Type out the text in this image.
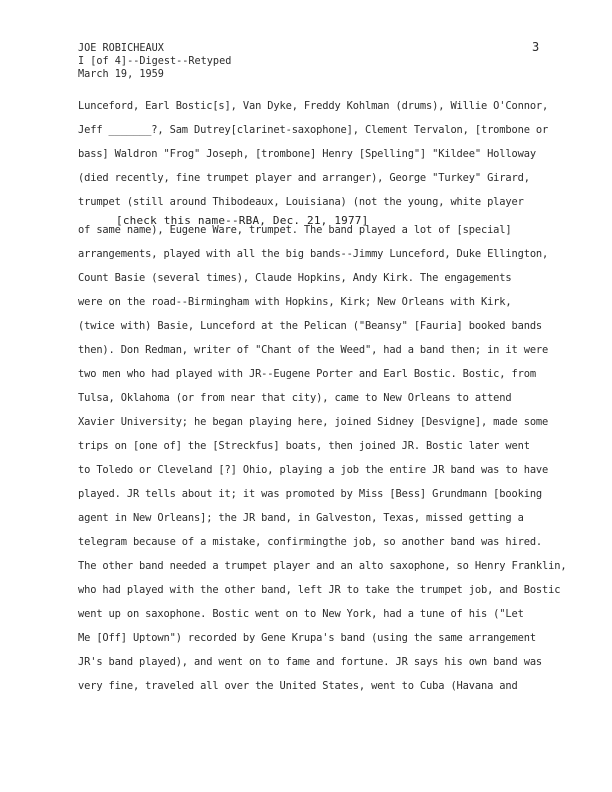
JOE ROBICHEAUX
I [of 4]--Digest--Retyped
March 19, 1959
3
[check this name--RBA, Dec. 21, 1977]
Lunceford, Earl Bostic[s], Van Dyke, Freddy Kohlman (drums), Willie O'Connor,
Jeff _______?, Sam Dutrey[clarinet-saxophone], Clement Tervalon, [trombone or
bass] Waldron "Frog" Joseph, [trombone] Henry [Spelling"] "Kildee" Holloway
(died recently, fine trumpet player and arranger), George "Turkey" Girard,
trumpet (still around Thibodeaux, Louisiana) (not the young, white player
of same name), Eugene Ware, trumpet. The band played a lot of [special]
arrangements, played with all the big bands--Jimmy Lunceford, Duke Ellington,
Count Basie (several times), Claude Hopkins, Andy Kirk. The engagements
were on the road--Birmingham with Hopkins, Kirk; New Orleans with Kirk,
(twice with) Basie, Lunceford at the Pelican ("Beansy" [Fauria] booked bands
then). Don Redman, writer of "Chant of the Weed", had a band then; in it were
two men who had played with JR--Eugene Porter and Earl Bostic. Bostic, from
Tulsa, Oklahoma (or from near that city), came to New Orleans to attend
Xavier University; he began playing here, joined Sidney [Desvigne], made some
trips on [one of] the [Streckfus] boats, then joined JR. Bostic later went
to Toledo or Cleveland [?] Ohio, playing a job the entire JR band was to have
played. JR tells about it; it was promoted by Miss [Bess] Grundmann [booking
agent in New Orleans]; the JR band, in Galveston, Texas, missed getting a
telegram because of a mistake, confirmingthe job, so another band was hired.
The other band needed a trumpet player and an alto saxophone, so Henry Franklin,
who had played with the other band, left JR to take the trumpet job, and Bostic
went up on saxophone. Bostic went on to New York, had a tune of his ("Let
Me [Off] Uptown") recorded by Gene Krupa's band (using the same arrangement
JR's band played), and went on to fame and fortune. JR says his own band was
very fine, traveled all over the United States, went to Cuba (Havana and
